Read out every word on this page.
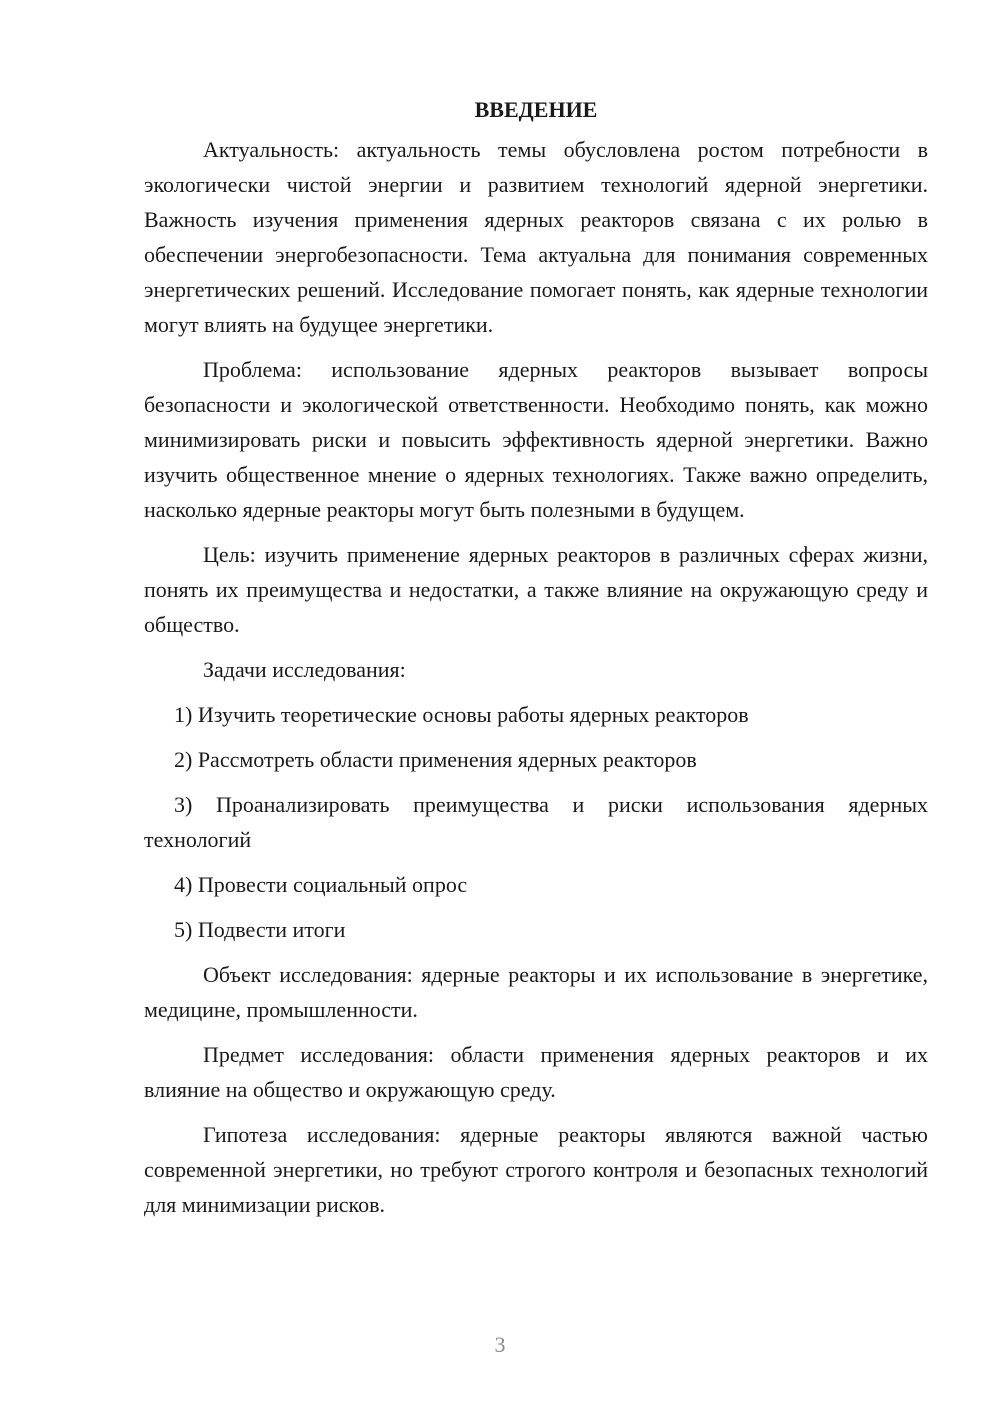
ВВЕДЕНИЕ

Актуальность: актуальность темы обусловлена ростом потребности в экологически чистой энергии и развитием технологий ядерной энергетики. Важность изучения применения ядерных реакторов связана с их ролью в обеспечении энергобезопасности. Тема актуальна для понимания современных энергетических решений. Исследование помогает понять, как ядерные технологии могут влиять на будущее энергетики.

Проблема: использование ядерных реакторов вызывает вопросы безопасности и экологической ответственности. Необходимо понять, как можно минимизировать риски и повысить эффективность ядерной энергетики. Важно изучить общественное мнение о ядерных технологиях. Также важно определить, насколько ядерные реакторы могут быть полезными в будущем.

Цель: изучить применение ядерных реакторов в различных сферах жизни, понять их преимущества и недостатки, а также влияние на окружающую среду и общество.

Задачи исследования:

1) Изучить теоретические основы работы ядерных реакторов

2) Рассмотреть области применения ядерных реакторов

3) Проанализировать преимущества и риски использования ядерных технологий

4) Провести социальный опрос

5) Подвести итоги

Объект исследования: ядерные реакторы и их использование в энергетике, медицине, промышленности.

Предмет исследования: области применения ядерных реакторов и их влияние на общество и окружающую среду.

Гипотеза исследования: ядерные реакторы являются важной частью современной энергетики, но требуют строгого контроля и безопасных технологий для минимизации рисков.

3
